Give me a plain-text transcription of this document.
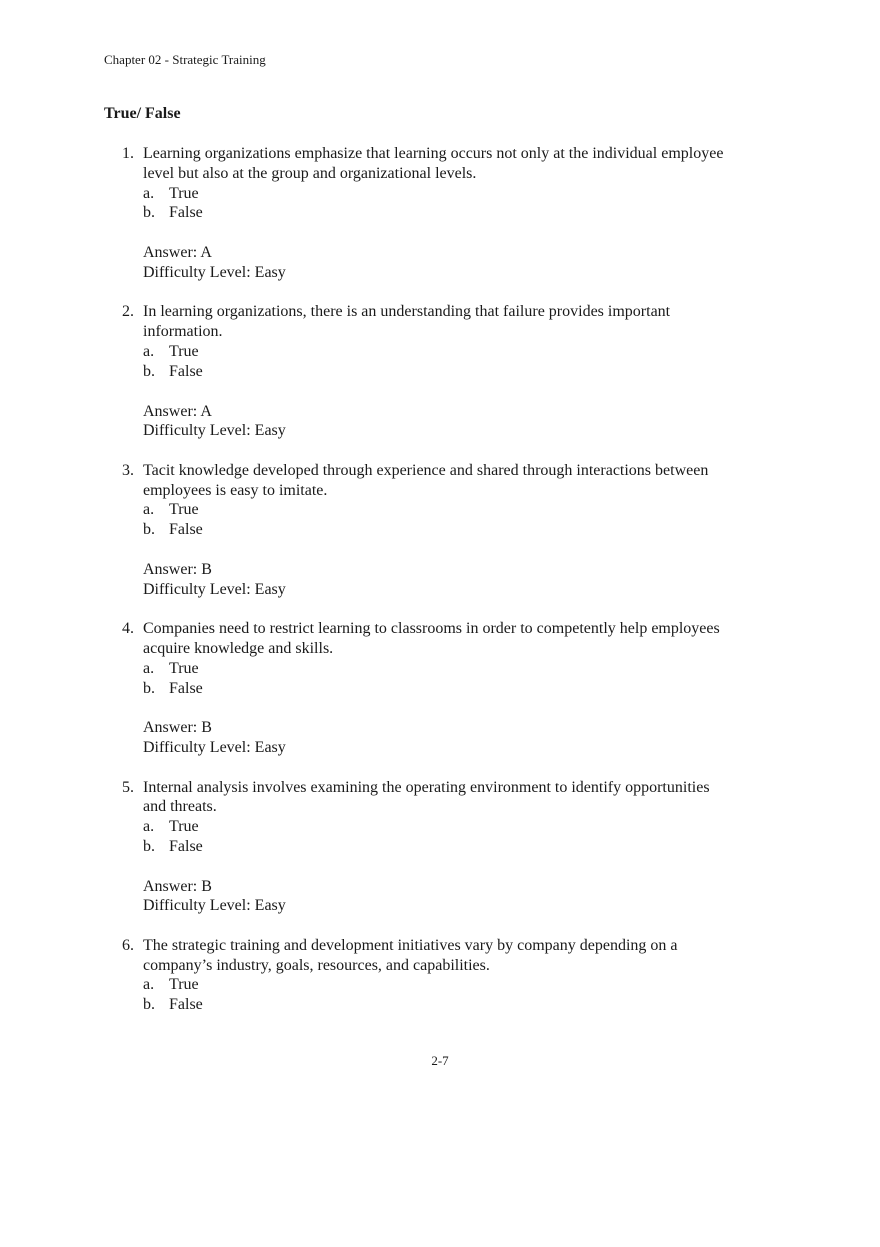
Chapter 02 - Strategic Training
True/ False
1. Learning organizations emphasize that learning occurs not only at the individual employee
level but also at the group and organizational levels.
a. True
b. False
Answer: A
Difficulty Level: Easy
2. In learning organizations, there is an understanding that failure provides important
information.
a. True
b. False
Answer: A
Difficulty Level: Easy
3. Tacit knowledge developed through experience and shared through interactions between
employees is easy to imitate.
a. True
b. False
Answer: B
Difficulty Level: Easy
4. Companies need to restrict learning to classrooms in order to competently help employees
acquire knowledge and skills.
a. True
b. False
Answer: B
Difficulty Level: Easy
5. Internal analysis involves examining the operating environment to identify opportunities
and threats.
a. True
b. False
Answer: B
Difficulty Level: Easy
6. The strategic training and development initiatives vary by company depending on a
company’s industry, goals, resources, and capabilities.
a. True
b. False
2-7
